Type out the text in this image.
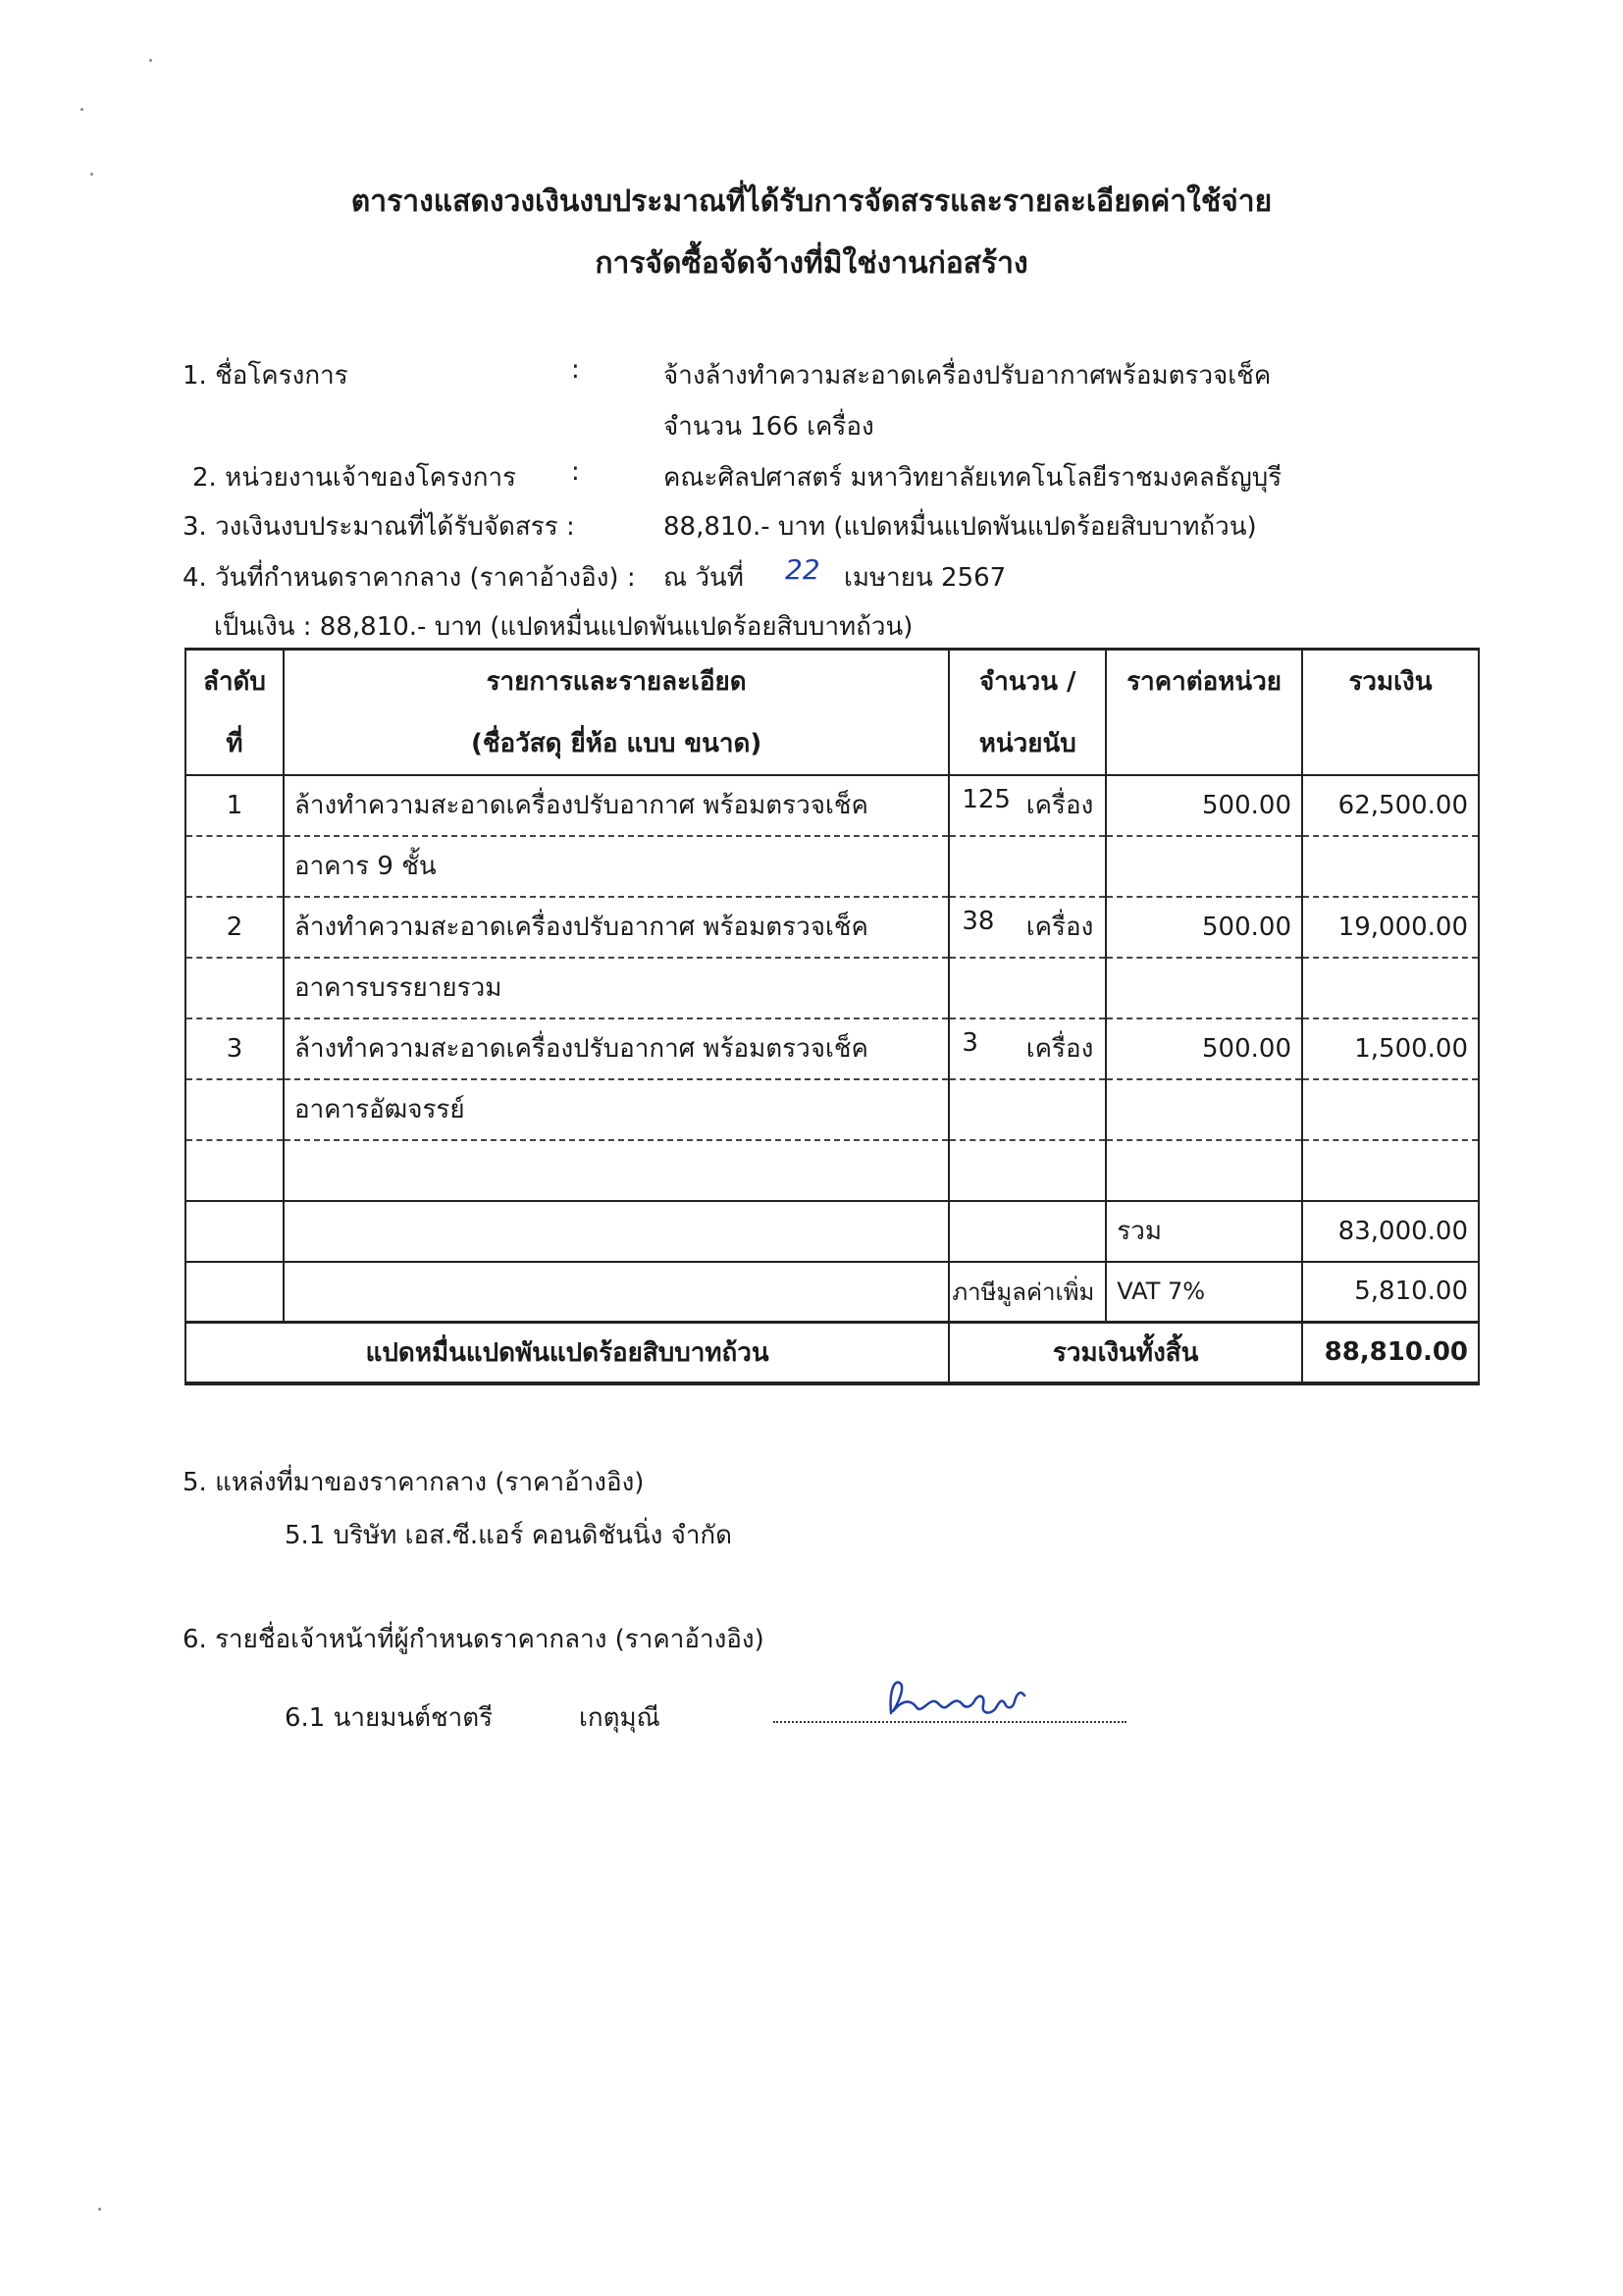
ตารางแสดงวงเงินงบประมาณที่ได้รับการจัดสรรและรายละเอียดค่าใช้จ่าย
การจัดซื้อจัดจ้างที่มิใช่งานก่อสร้าง
1. ชื่อโครงการ	:	จ้างล้างทำความสะอาดเครื่องปรับอากาศพร้อมตรวจเช็ค
จำนวน 166 เครื่อง
2. หน่วยงานเจ้าของโครงการ :	คณะศิลปศาสตร์ มหาวิทยาลัยเทคโนโลยีราชมงคลธัญบุรี
3. วงเงินงบประมาณที่ได้รับจัดสรร :	88,810.- บาท (แปดหมื่นแปดพันแปดร้อยสิบบาทถ้วน)
4. วันที่กำหนดราคากลาง (ราคาอ้างอิง) : ณ วันที่ 22 เมษายน 2567
เป็นเงิน : 88,810.- บาท (แปดหมื่นแปดพันแปดร้อยสิบบาทถ้วน)
ลำดับ	รายการและรายละเอียด	จำนวน /	ราคาต่อหน่วย	รวมเงิน
ที่	(ชื่อวัสดุ ยี่ห้อ แบบ ขนาด)	หน่วยนับ		
1	ล้างทำความสะอาดเครื่องปรับอากาศ พร้อมตรวจเช็ค	125 เครื่อง	500.00	62,500.00
	อาคาร 9 ชั้น			
2	ล้างทำความสะอาดเครื่องปรับอากาศ พร้อมตรวจเช็ค	38 เครื่อง	500.00	19,000.00
	อาคารบรรยายรวม			
3	ล้างทำความสะอาดเครื่องปรับอากาศ พร้อมตรวจเช็ค	3 เครื่อง	500.00	1,500.00
	อาคารอัฒจรรย์			

			รวม	83,000.00
		ภาษีมูลค่าเพิ่ม	VAT 7%	5,810.00
แปดหมื่นแปดพันแปดร้อยสิบบาทถ้วน		รวมเงินทั้งสิ้น		88,810.00
5. แหล่งที่มาของราคากลาง (ราคาอ้างอิง)
5.1 บริษัท เอส.ซี.แอร์ คอนดิชันนิ่ง จำกัด
6. รายชื่อเจ้าหน้าที่ผู้กำหนดราคากลาง (ราคาอ้างอิง)
6.1 นายมนต์ชาตรี	เกตุมุณี
